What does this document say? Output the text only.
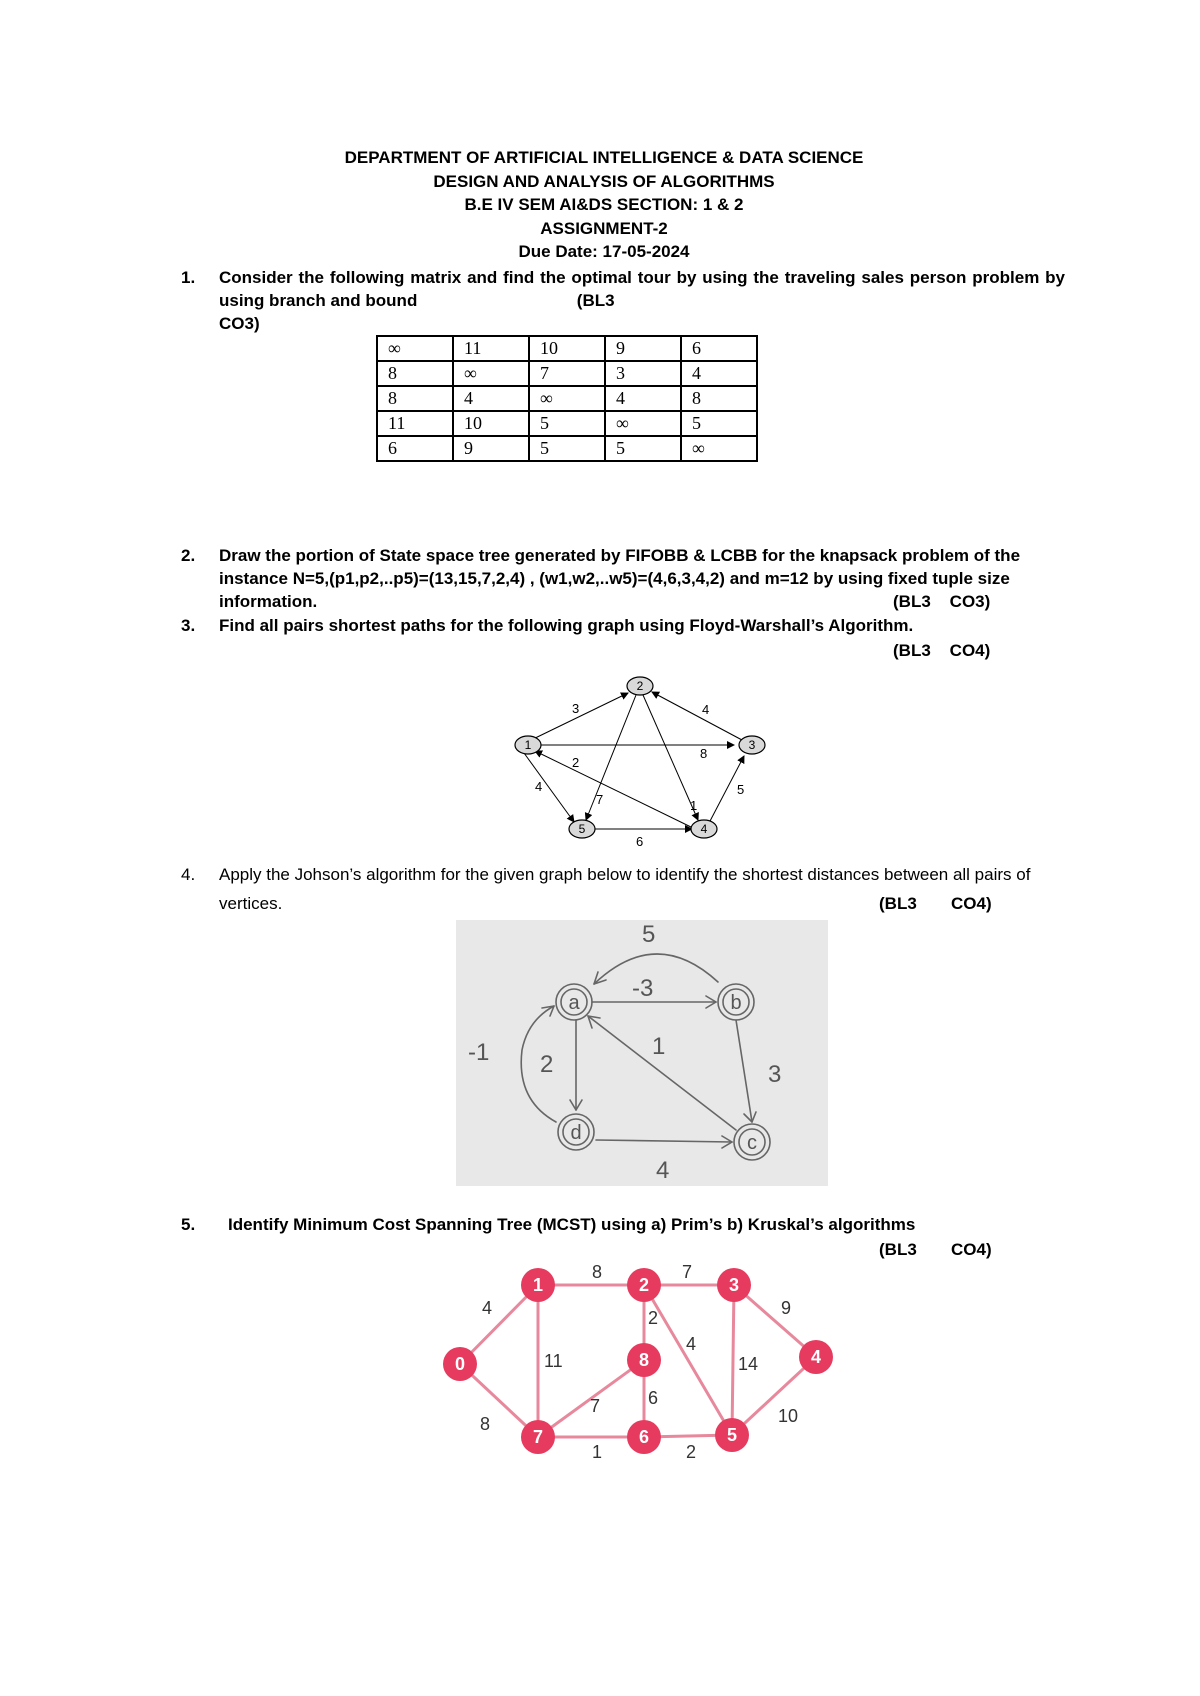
DEPARTMENT OF ARTIFICIAL INTELLIGENCE & DATA SCIENCE
DESIGN AND ANALYSIS OF ALGORITHMS
B.E IV SEM AI&DS SECTION: 1 & 2
ASSIGNMENT-2
Due Date: 17-05-2024
1. Consider the following matrix and find the optimal tour by using the traveling sales person problem by using branch and bound	(BL3
CO3)
∞	11	10	9	6
8	∞	7	3	4
8	4	∞	4	8
11	10	5	∞	5
6	9	5	5	∞
2. Draw the portion of State space tree generated by FIFOBB & LCBB for the knapsack problem of the instance N=5,(p1,p2,..p5)=(13,15,7,2,4) , (w1,w2,..w5)=(4,6,3,4,2) and m=12 by using fixed tuple size information.	(BL3    CO3)
3. Find all pairs shortest paths for the following graph using Floyd-Warshall’s Algorithm.
(BL3    CO4)
3	4
8
2
4
7	1
5
6
2
1	3
5	4
4. Apply the Johson’s algorithm for the given graph below to identify the shortest distances between all pairs of vertices.	(BL3 CO4)
5
-3
-1 2
1
3
4
a	b
c
d
5. Identify Minimum Cost Spanning Tree (MCST) using a) Prim’s b) Kruskal’s algorithms
(BL3 CO4)
4
8	7
9
11
2
4
14
8
7	6
10
1	2
0
1	2	3
4
5
6
7
8
